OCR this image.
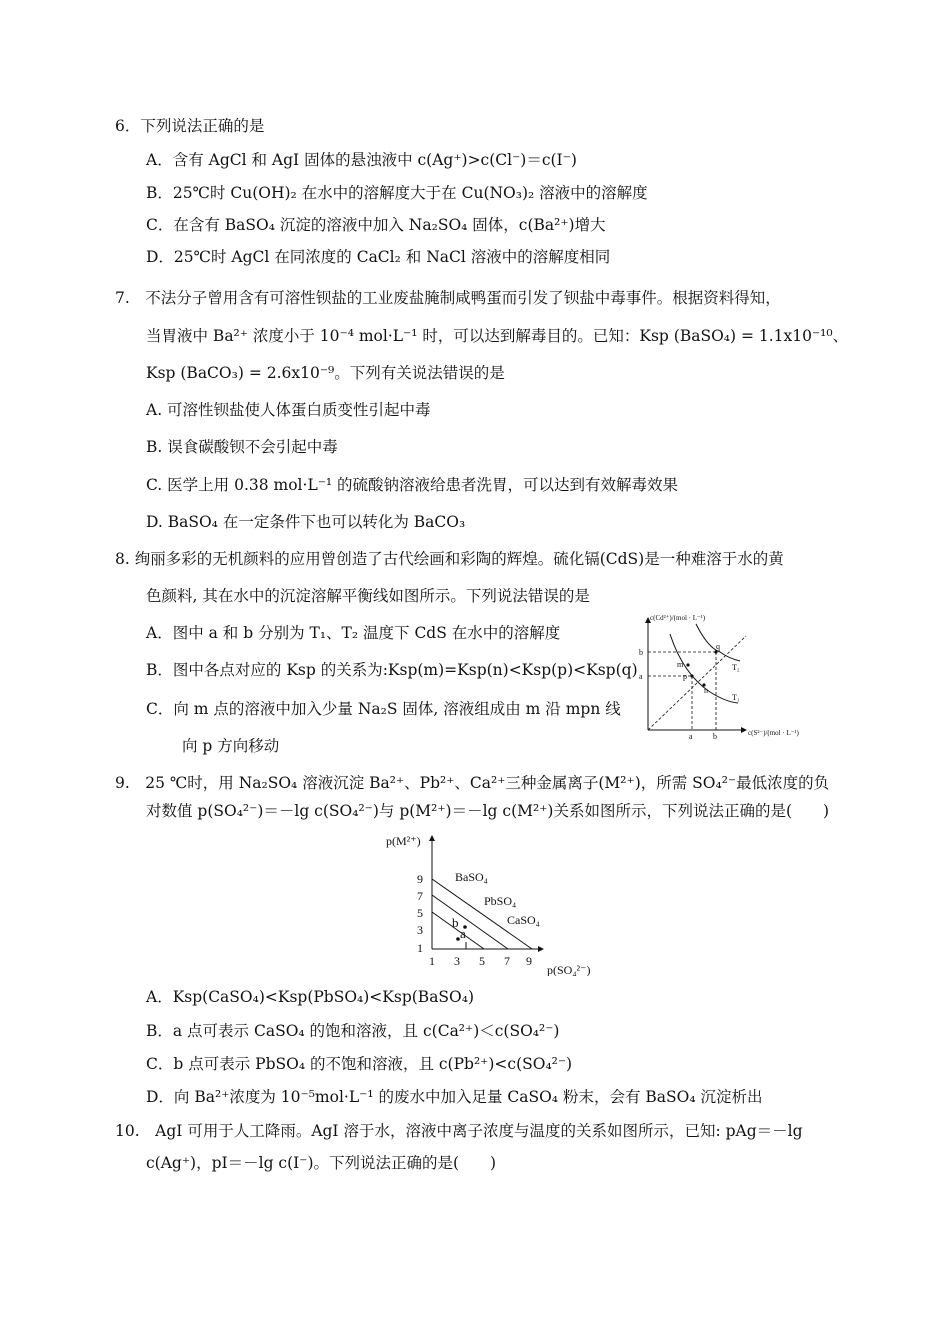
6．下列说法正确的是
A．含有 AgCl 和 AgI 固体的悬浊液中 c(Ag⁺)>c(Cl⁻)＝c(I⁻)
B．25℃时 Cu(OH)₂ 在水中的溶解度大于在 Cu(NO₃)₂ 溶液中的溶解度
C．在含有 BaSO₄ 沉淀的溶液中加入 Na₂SO₄ 固体，c(Ba²⁺)增大
D．25℃时 AgCl 在同浓度的 CaCl₂ 和 NaCl 溶液中的溶解度相同
7.　不法分子曾用含有可溶性钡盐的工业废盐腌制咸鸭蛋而引发了钡盐中毒事件。根据资料得知，
当胃液中 Ba²⁺ 浓度小于 10⁻⁴ mol·L⁻¹ 时，可以达到解毒目的。已知：Ksp (BaSO₄) = 1.1x10⁻¹⁰、
Ksp (BaCO₃) = 2.6x10⁻⁹。下列有关说法错误的是
A. 可溶性钡盐使人体蛋白质变性引起中毒
B. 误食碳酸钡不会引起中毒
C. 医学上用 0.38 mol·L⁻¹ 的硫酸钠溶液给患者洗胃，可以达到有效解毒效果
D. BaSO₄ 在一定条件下也可以转化为 BaCO₃
8. 绚丽多彩的无机颜料的应用曾创造了古代绘画和彩陶的辉煌。硫化镉(CdS)是一种难溶于水的黄
色颜料, 其在水中的沉淀溶解平衡线如图所示。下列说法错误的是
A．图中 a 和 b 分别为 T₁、T₂ 温度下 CdS 在水中的溶解度
B．图中各点对应的 Ksp 的关系为:Ksp(m)=Ksp(n)<Ksp(p)<Ksp(q)
C．向 m 点的溶液中加入少量 Na₂S 固体, 溶液组成由 m 沿 mpn 线
向 p 方向移动
c(Cd²⁺)/(mol · L⁻¹)
c(S²⁻)/(mol · L⁻¹)
q
m
p
n
T₂
T₁
b
a
a	b
9.　25 ℃时，用 Na₂SO₄ 溶液沉淀 Ba²⁺、Pb²⁺、Ca²⁺三种金属离子(M²⁺)，所需 SO₄²⁻最低浓度的负
对数值 p(SO₄²⁻)＝－lg c(SO₄²⁻)与 p(M²⁺)＝－lg c(M²⁺)关系如图所示，下列说法正确的是(　　)
p(M²⁺)
p(SO₄²⁻)
9
7
5
3
1
1 3 5 7 9
b
a
BaSO₄
PbSO₄
CaSO₄
A．Ksp(CaSO₄)<Ksp(PbSO₄)<Ksp(BaSO₄)
B．a 点可表示 CaSO₄ 的饱和溶液，且 c(Ca²⁺)＜c(SO₄²⁻)
C．b 点可表示 PbSO₄ 的不饱和溶液，且 c(Pb²⁺)<c(SO₄²⁻)
D．向 Ba²⁺浓度为 10⁻⁵mol·L⁻¹ 的废水中加入足量 CaSO₄ 粉末，会有 BaSO₄ 沉淀析出
10.　AgI 可用于人工降雨。AgI 溶于水，溶液中离子浓度与温度的关系如图所示，已知: pAg＝－lg
c(Ag⁺)，pI＝－lg c(I⁻)。下列说法正确的是(　　)
